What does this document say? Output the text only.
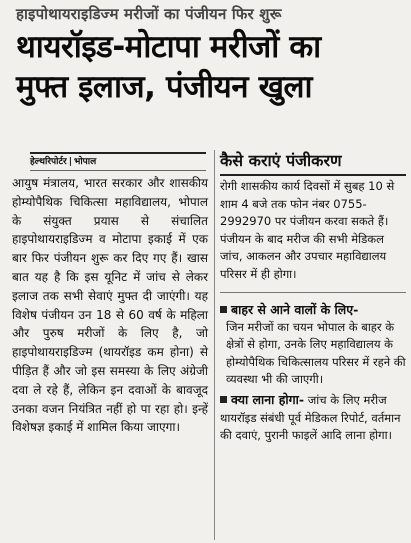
हाइपोथायराइडिज्म मरीजों का पंजीयन फिर शुरू
थायरॉइड-मोटापा मरीजों का
मुफ्त इलाज, पंजीयन खुला
हेल्थरिपोर्टर | भोपाल

आयुष मंत्रालय, भारत सरकार और शासकीय होम्योपैथिक चिकित्सा महाविद्यालय, भोपाल के संयुक्त प्रयास से संचालित हाइपोथायराइडिज्म व मोटापा इकाई में एक बार फिर पंजीयन शुरू कर दिए गए हैं। खास बात यह है कि इस यूनिट में जांच से लेकर इलाज तक सभी सेवाएं मुफ्त दी जाएंगी। यह विशेष पंजीयन उन 18 से 60 वर्ष के महिला और पुरुष मरीजों के लिए है, जो हाइपोथायराइडिज्म (थायरॉइड कम होना) से पीड़ित हैं और जो इस समस्या के लिए अंग्रेजी दवा ले रहे हैं, लेकिन इन दवाओं के बावजूद उनका वजन नियंत्रित नहीं हो पा रहा हो। इन्हें विशेषज्ञ इकाई में शामिल किया जाएगा।

कैसे कराएं पंजीकरण
रोगी शासकीय कार्य दिवसों में सुबह 10 से शाम 4 बजे तक फोन नंबर 0755-2992970 पर पंजीयन करवा सकते हैं। पंजीयन के बाद मरीज की सभी मेडिकल जांच, आकलन और उपचार महाविद्यालय परिसर में ही होगा।
बाहर से आने वालों के लिए-
जिन मरीजों का चयन भोपाल के बाहर के क्षेत्रों से होगा, उनके लिए महाविद्यालय के होम्योपैथिक चिकित्सालय परिसर में रहने की व्यवस्था भी की जाएगी।
क्या लाना होगा- जांच के लिए मरीज थायरॉइड संबंधी पूर्व मेडिकल रिपोर्ट, वर्तमान की दवाएं, पुरानी फाइलें आदि लाना होगा।
